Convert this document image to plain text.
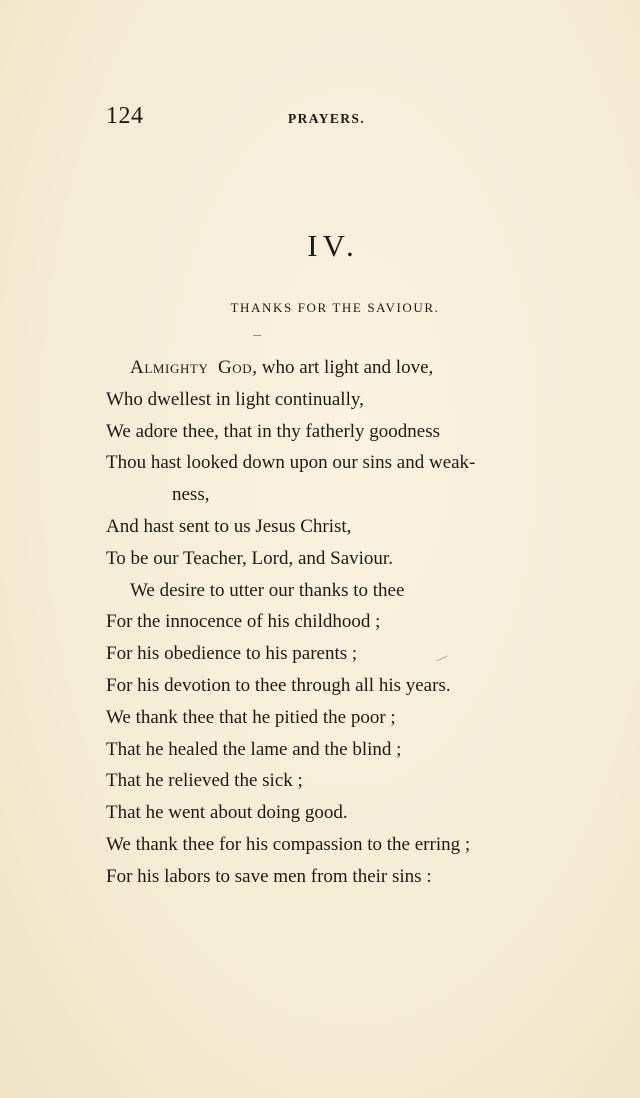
124	PRAYERS.
IV.
THANKS FOR THE SAVIOUR.
Almighty God, who art light and love,
Who dwellest in light continually,
We adore thee, that in thy fatherly goodness
Thou hast looked down upon our sins and weak-
ness,
And hast sent to us Jesus Christ,
To be our Teacher, Lord, and Saviour.
We desire to utter our thanks to thee
For the innocence of his childhood ;
For his obedience to his parents ;
For his devotion to thee through all his years.
We thank thee that he pitied the poor ;
That he healed the lame and the blind ;
That he relieved the sick ;
That he went about doing good.
We thank thee for his compassion to the erring ;
For his labors to save men from their sins :
